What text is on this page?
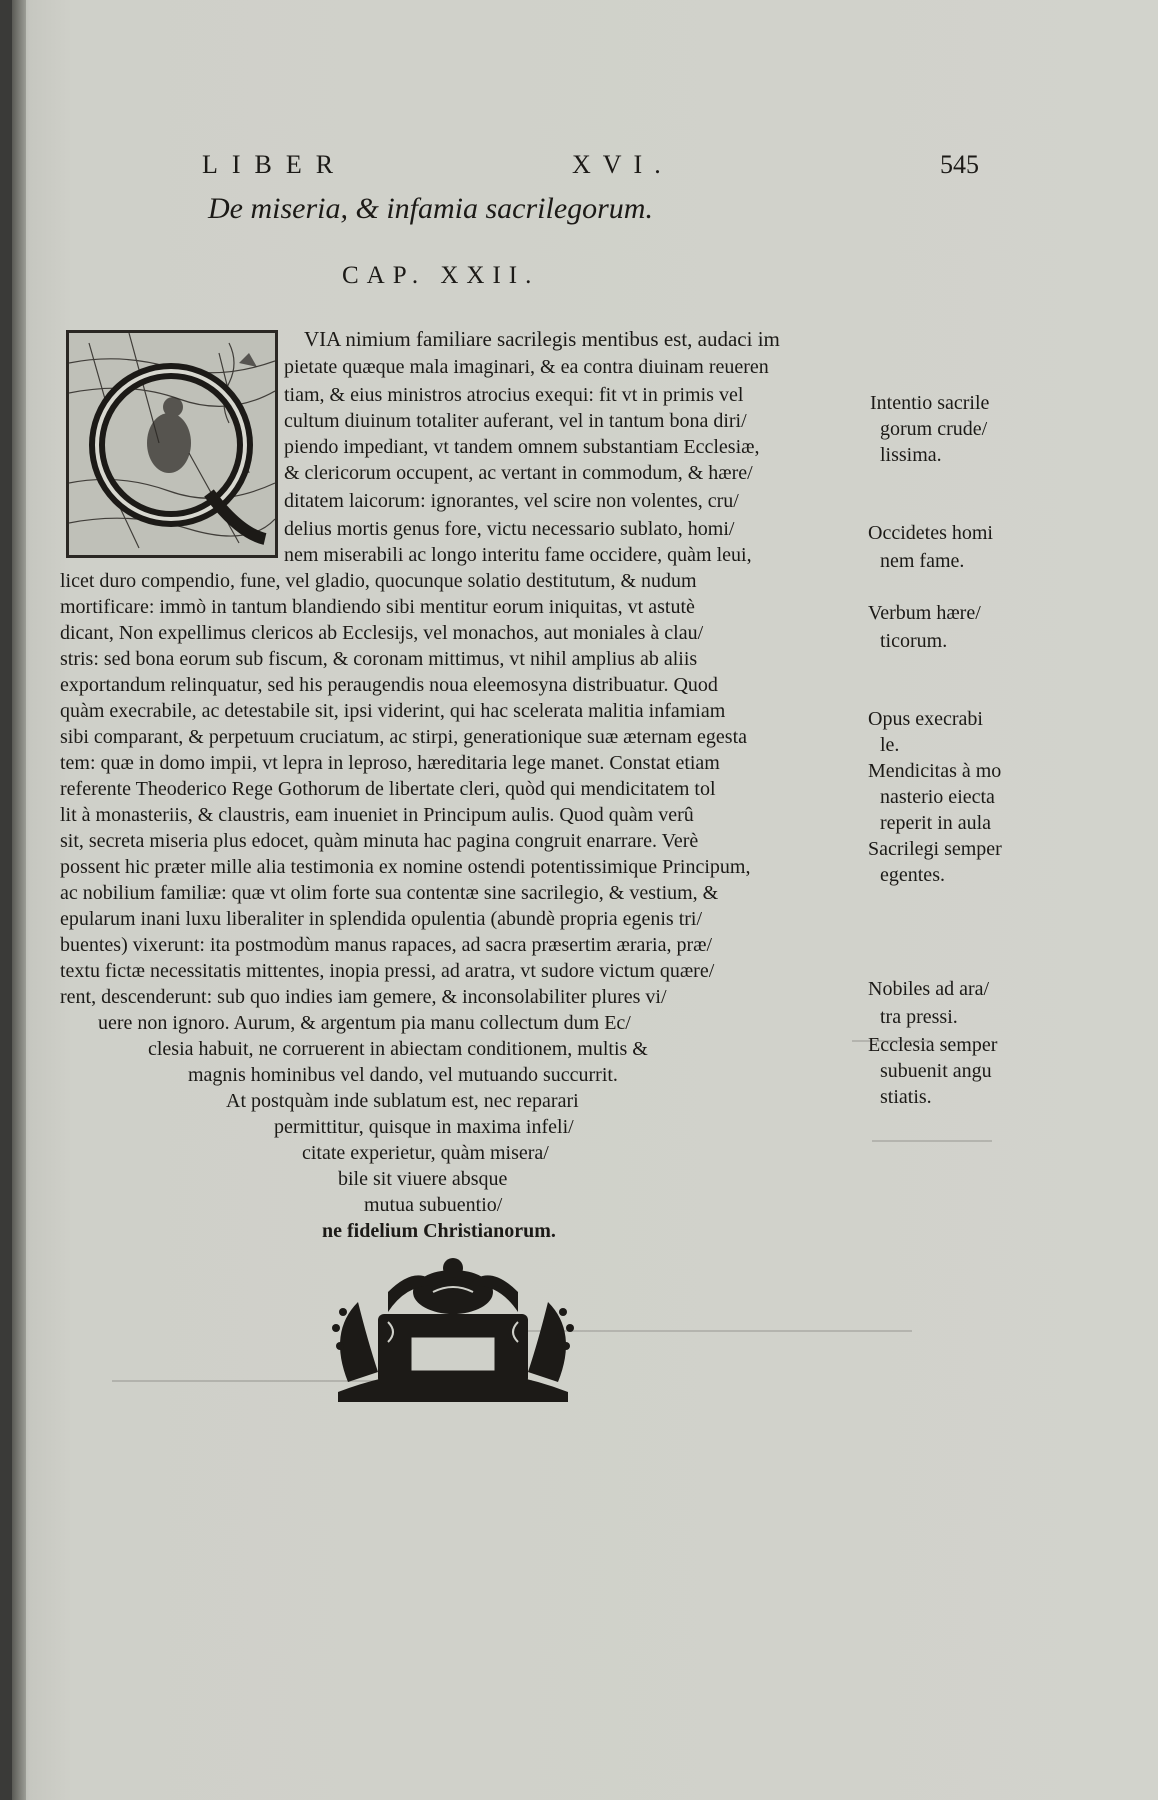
LIBER	XVI.	545
De miseria, & infamia sacrilegorum.
CAP. XXII.
VIA nimium familiare sacrilegis mentibus est, audaci im
pietate quæque mala imaginari, & ea contra diuinam reueren
tiam, & eius ministros atrocius exequi: fit vt in primis vel
cultum diuinum totaliter auferant, vel in tantum bona diri/
piendo impediant, vt tandem omnem substantiam Ecclesiæ,
& clericorum occupent, ac vertant in commodum, & hære/
ditatem laicorum: ignorantes, vel scire non volentes, cru/
delius mortis genus fore, victu necessario sublato, homi/
nem miserabili ac longo interitu fame occidere, quàm leui,
licet duro compendio, fune, vel gladio, quocunque solatio destitutum, & nudum
mortificare: immò in tantum blandiendo sibi mentitur eorum iniquitas, vt astutè
dicant, Non expellimus clericos ab Ecclesijs, vel monachos, aut moniales à clau/
stris: sed bona eorum sub fiscum, & coronam mittimus, vt nihil amplius ab aliis
exportandum relinquatur, sed his peraugendis noua eleemosyna distribuatur. Quod
quàm execrabile, ac detestabile sit, ipsi viderint, qui hac scelerata malitia infamiam
sibi comparant, & perpetuum cruciatum, ac stirpi, generationique suæ æternam egesta
tem: quæ in domo impii, vt lepra in leproso, hæreditaria lege manet. Constat etiam
referente Theoderico Rege Gothorum de libertate cleri, quòd qui mendicitatem tol
lit à monasteriis, & claustris, eam inueniet in Principum aulis. Quod quàm verû
sit, secreta miseria plus edocet, quàm minuta hac pagina congruit enarrare. Verè
possent hic præter mille alia testimonia ex nomine ostendi potentissimique Principum,
ac nobilium familiæ: quæ vt olim forte sua contentæ sine sacrilegio, & vestium, &
epularum inani luxu liberaliter in splendida opulentia (abundè propria egenis tri/
buentes) vixerunt: ita postmodùm manus rapaces, ad sacra præsertim æraria, præ/
textu fictæ necessitatis mittentes, inopia pressi, ad aratra, vt sudore victum quære/
rent, descenderunt: sub quo indies iam gemere, & inconsolabiliter plures vi/
uere non ignoro. Aurum, & argentum pia manu collectum dum Ec/
clesia habuit, ne corruerent in abiectam conditionem, multis &
magnis hominibus vel dando, vel mutuando succurrit.
At postquàm inde sublatum est, nec reparari
permittitur, quisque in maxima infeli/
citate experietur, quàm misera/
bile sit viuere absque
mutua subuentio/
ne fidelium Christianorum.
Intentio sacrile
gorum crude/
lissima.
Occidetes homi
nem fame.
Verbum hære/
ticorum.
Opus execrabi
le.
Mendicitas à mo
nasterio eiecta
reperit in aula
Sacrilegi semper
egentes.
Nobiles ad ara/
tra pressi.
Ecclesia semper
subuenit angu
stiatis.
